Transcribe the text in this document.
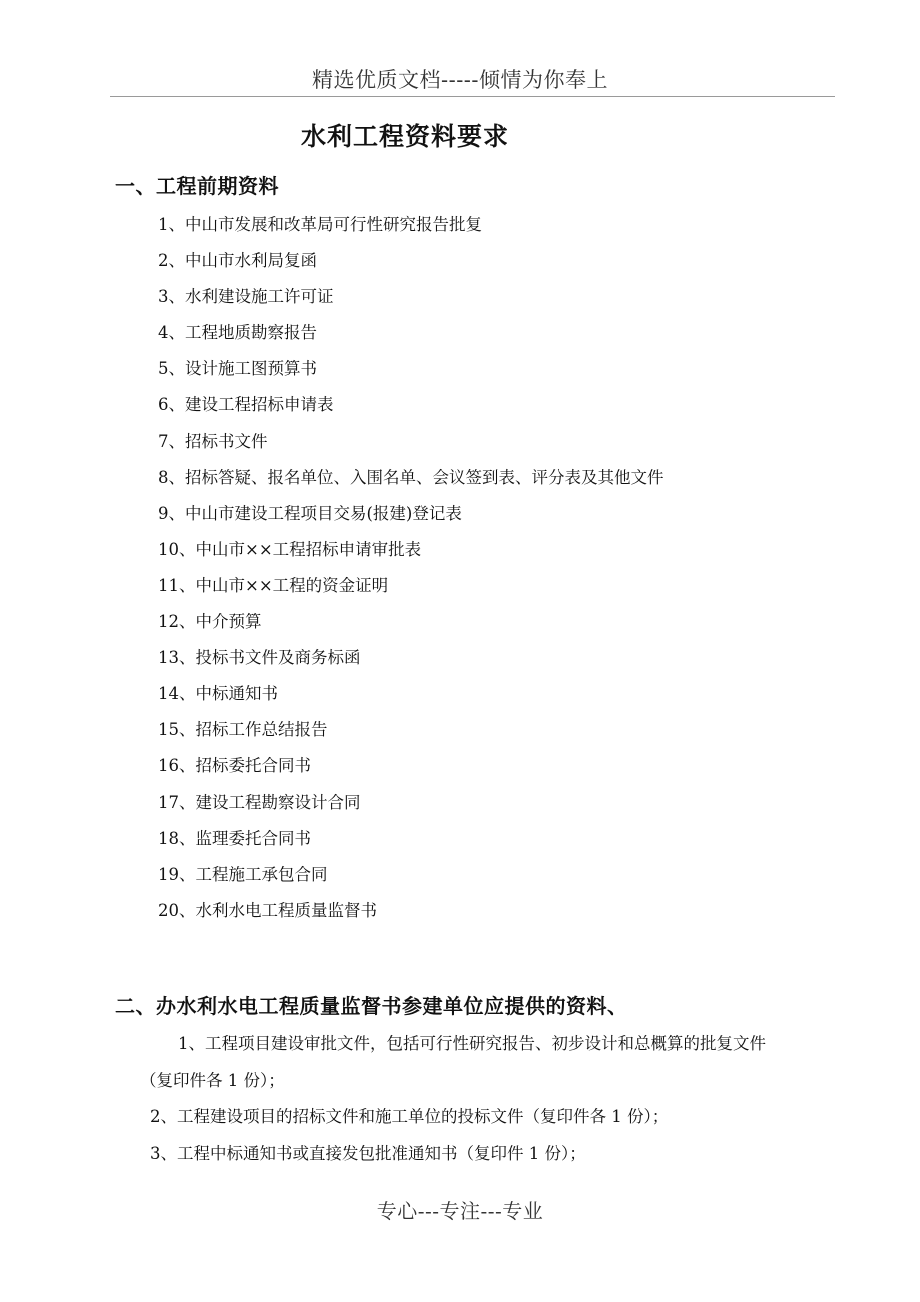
精选优质文档-----倾情为你奉上
水利工程资料要求
一、工程前期资料
1、中山市发展和改革局可行性研究报告批复
2、中山市水利局复函
3、水利建设施工许可证
4、工程地质勘察报告
5、设计施工图预算书
6、建设工程招标申请表
7、招标书文件
8、招标答疑、报名单位、入围名单、会议签到表、评分表及其他文件
9、中山市建设工程项目交易(报建)登记表
10、中山市××工程招标申请审批表
11、中山市××工程的资金证明
12、中介预算
13、投标书文件及商务标函
14、中标通知书
15、招标工作总结报告
16、招标委托合同书
17、建设工程勘察设计合同
18、监理委托合同书
19、工程施工承包合同
20、水利水电工程质量监督书
二、办水利水电工程质量监督书参建单位应提供的资料、
1、工程项目建设审批文件，包括可行性研究报告、初步设计和总概算的批复文件
（复印件各 1 份）；
2、工程建设项目的招标文件和施工单位的投标文件（复印件各 1 份）；
3、工程中标通知书或直接发包批准通知书（复印件 1 份）；
专心---专注---专业
